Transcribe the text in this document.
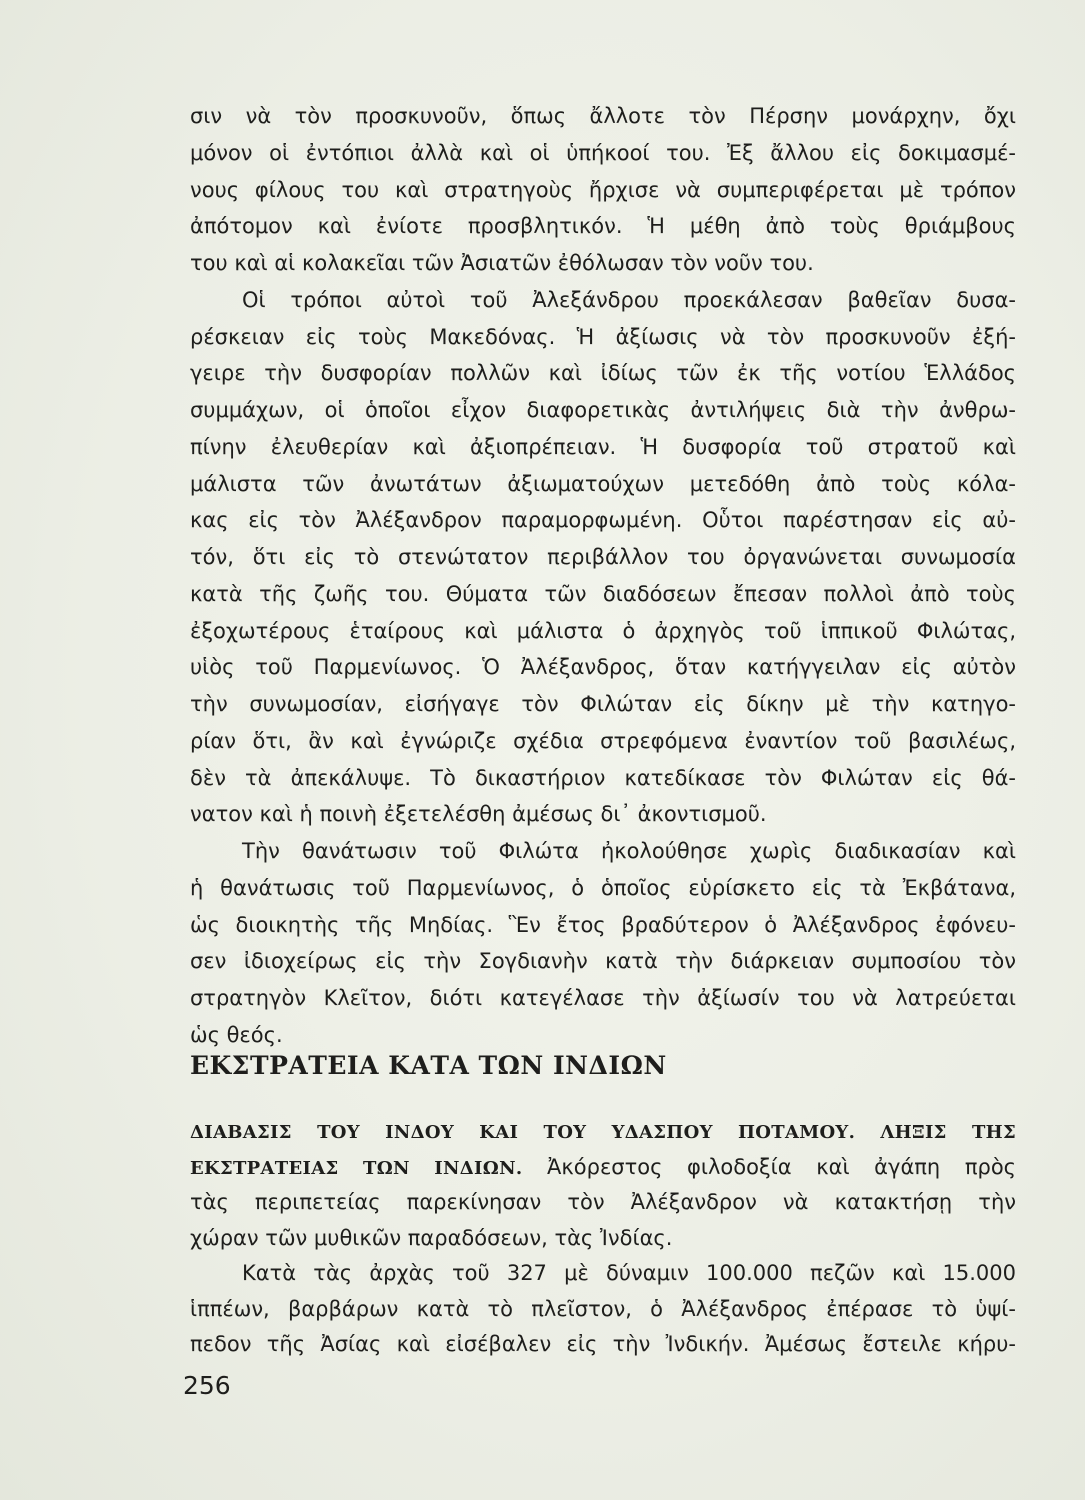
σιν νὰ τὸν προσκυνοῦν, ὅπως ἄλλοτε τὸν Πέρσην μονάρχην, ὄχι
μόνον οἱ ἐντόπιοι ἀλλὰ καὶ οἱ ὑπήκοοί του. Ἐξ ἄλλου εἰς δοκιμασμέ-
νους φίλους του καὶ στρατηγοὺς ἤρχισε νὰ συμπεριφέρεται μὲ τρόπον
ἀπότομον καὶ ἐνίοτε προσβλητικόν. Ἡ μέθη ἀπὸ τοὺς θριάμβους
του καὶ αἱ κολακεῖαι τῶν Ἀσιατῶν ἐθόλωσαν τὸν νοῦν του.
Οἱ τρόποι αὐτοὶ τοῦ Ἀλεξάνδρου προεκάλεσαν βαθεῖαν δυσα-
ρέσκειαν εἰς τοὺς Μακεδόνας. Ἡ ἀξίωσις νὰ τὸν προσκυνοῦν ἐξή-
γειρε τὴν δυσφορίαν πολλῶν καὶ ἰδίως τῶν ἐκ τῆς νοτίου Ἑλλάδος
συμμάχων, οἱ ὁποῖοι εἶχον διαφορετικὰς ἀντιλήψεις διὰ τὴν ἀνθρω-
πίνην ἐλευθερίαν καὶ ἀξιοπρέπειαν. Ἡ δυσφορία τοῦ στρατοῦ καὶ
μάλιστα τῶν ἀνωτάτων ἀξιωματούχων μετεδόθη ἀπὸ τοὺς κόλα-
κας εἰς τὸν Ἀλέξανδρον παραμορφωμένη. Οὗτοι παρέστησαν εἰς αὐ-
τόν, ὅτι εἰς τὸ στενώτατον περιβάλλον του ὀργανώνεται συνωμοσία
κατὰ τῆς ζωῆς του. Θύματα τῶν διαδόσεων ἔπεσαν πολλοὶ ἀπὸ τοὺς
ἐξοχωτέρους ἑταίρους καὶ μάλιστα ὁ ἀρχηγὸς τοῦ ἱππικοῦ Φιλώτας,
υἱὸς τοῦ Παρμενίωνος. Ὁ Ἀλέξανδρος, ὅταν κατήγγειλαν εἰς αὐτὸν
τὴν συνωμοσίαν, εἰσήγαγε τὸν Φιλώταν εἰς δίκην μὲ τὴν κατηγο-
ρίαν ὅτι, ἂν καὶ ἐγνώριζε σχέδια στρεφόμενα ἐναντίον τοῦ βασιλέως,
δὲν τὰ ἀπεκάλυψε. Τὸ δικαστήριον κατεδίκασε τὸν Φιλώταν εἰς θά-
νατον καὶ ἡ ποινὴ ἐξετελέσθη ἀμέσως δι᾽ ἀκοντισμοῦ.
Τὴν θανάτωσιν τοῦ Φιλώτα ἠκολούθησε χωρὶς διαδικασίαν καὶ
ἡ θανάτωσις τοῦ Παρμενίωνος, ὁ ὁποῖος εὑρίσκετο εἰς τὰ Ἐκβάτανα,
ὡς διοικητὴς τῆς Μηδίας. Ἓν ἔτος βραδύτερον ὁ Ἀλέξανδρος ἐφόνευ-
σεν ἰδιοχείρως εἰς τὴν Σογδιανὴν κατὰ τὴν διάρκειαν συμποσίου τὸν
στρατηγὸν Κλεῖτον, διότι κατεγέλασε τὴν ἀξίωσίν του νὰ λατρεύεται
ὡς θεός.
ΕΚΣΤΡΑΤΕΙΑ ΚΑΤΑ ΤΩΝ ΙΝΔΙΩΝ
ΔΙΑΒΑΣΙΣ ΤΟΥ ΙΝΔΟΥ ΚΑΙ ΤΟΥ ΥΔΑΣΠΟΥ ΠΟΤΑΜΟΥ. ΛΗΞΙΣ ΤΗΣ
ΕΚΣΤΡΑΤΕΙΑΣ ΤΩΝ ΙΝΔΙΩΝ. Ἀκόρεστος φιλοδοξία καὶ ἀγάπη πρὸς
τὰς περιπετείας παρεκίνησαν τὸν Ἀλέξανδρον νὰ κατακτήσῃ τὴν
χώραν τῶν μυθικῶν παραδόσεων, τὰς Ἰνδίας.
Κατὰ τὰς ἀρχὰς τοῦ 327 μὲ δύναμιν 100.000 πεζῶν καὶ 15.000
ἱππέων, βαρβάρων κατὰ τὸ πλεῖστον, ὁ Ἀλέξανδρος ἐπέρασε τὸ ὑψί-
πεδον τῆς Ἀσίας καὶ εἰσέβαλεν εἰς τὴν Ἰνδικήν. Ἀμέσως ἔστειλε κήρυ-
256
